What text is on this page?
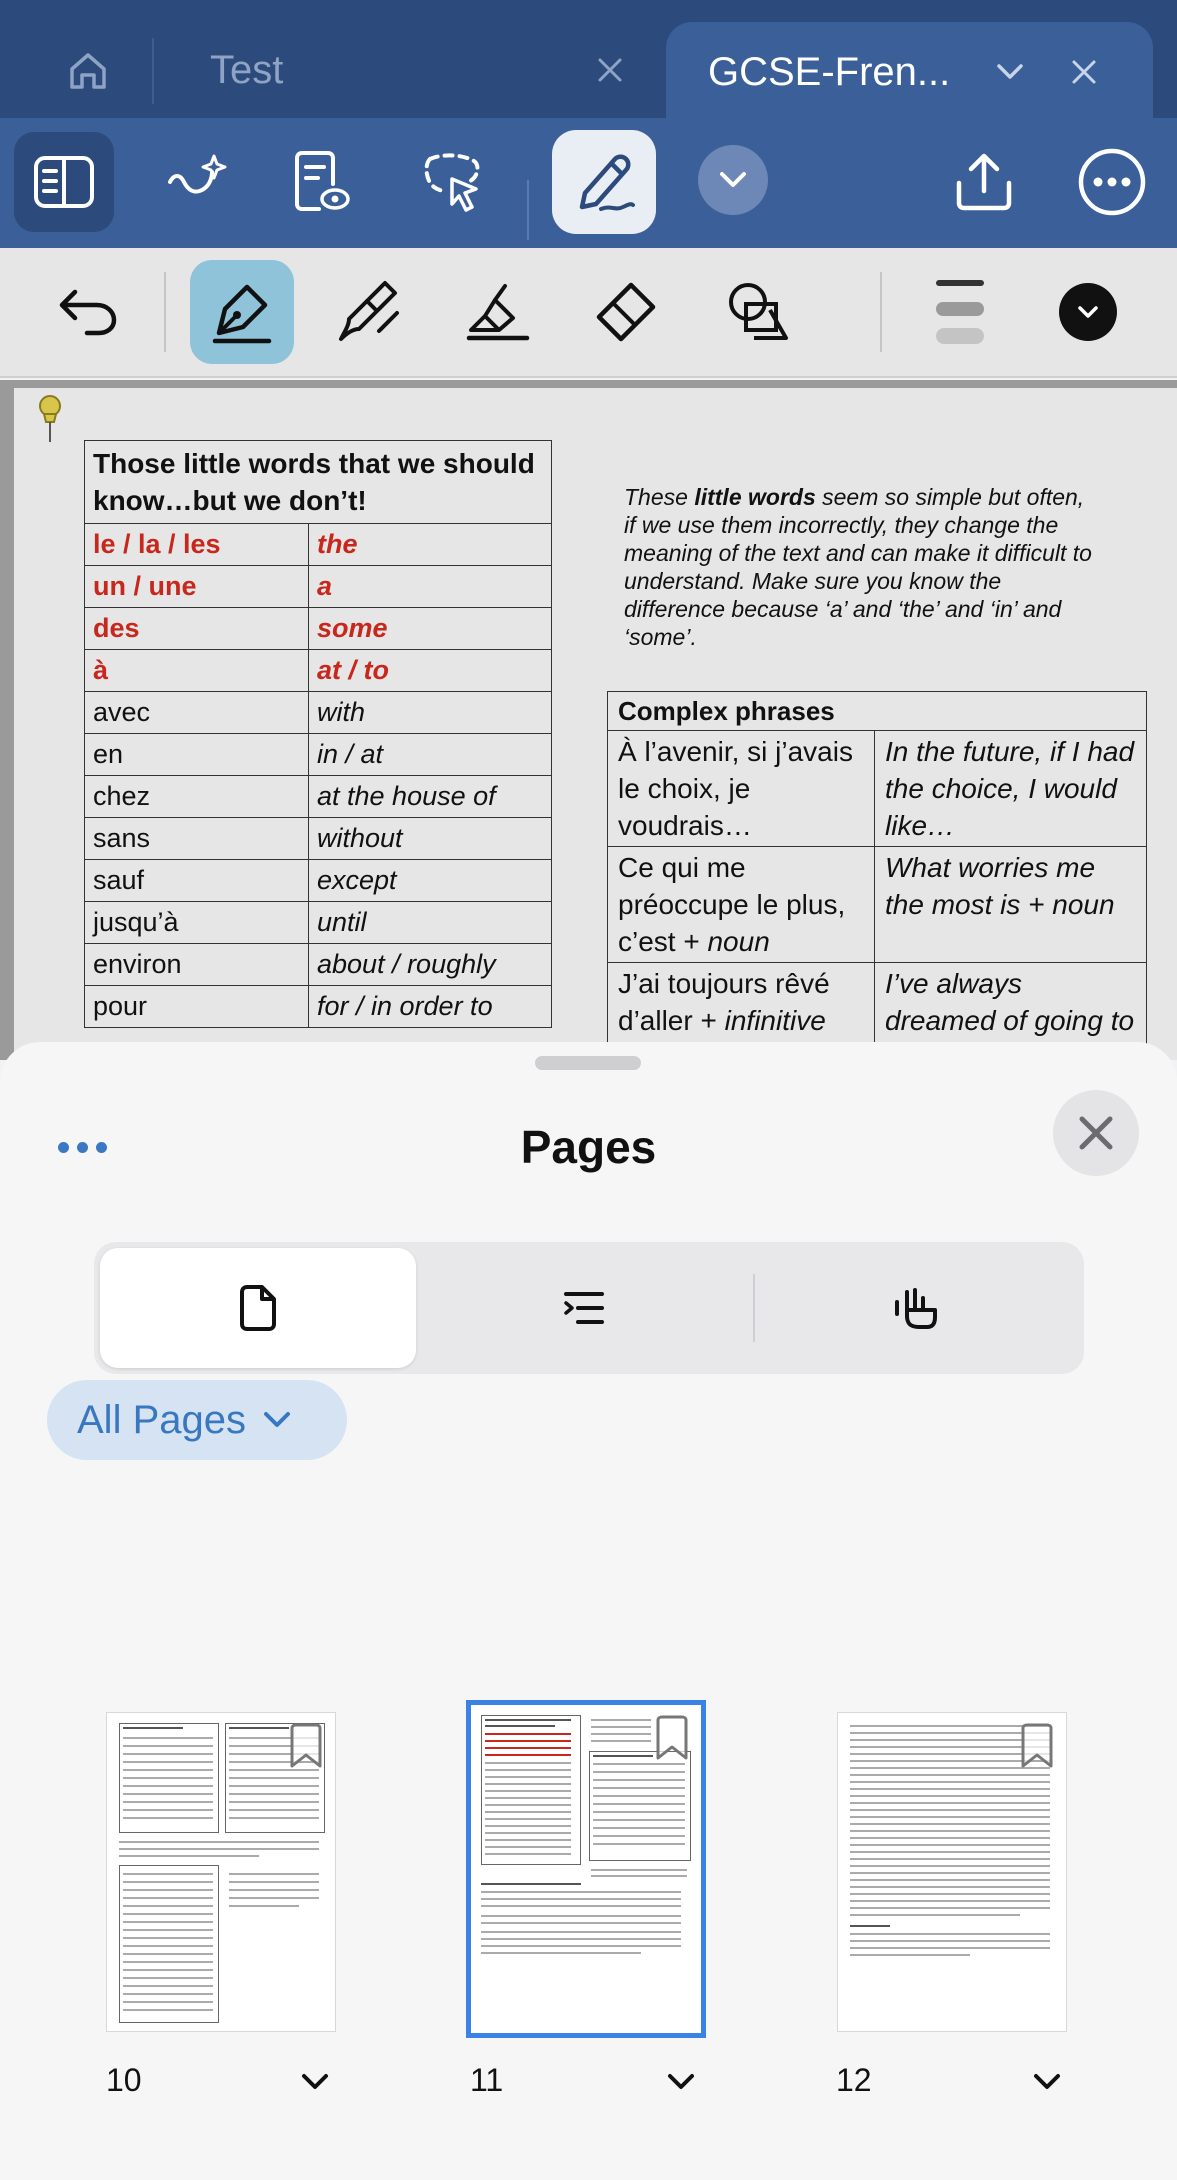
Test	GCSE-Fren...
Those little words that we should know…but we don’t!	
le / la / les	the
un / une	a
des	some
à	at / to
avec	with
en	in / at
chez	at the house of
sans	without
sauf	except
jusqu’à	until
environ	about / roughly
pour	for / in order to
These little words seem so simple but often, if we use them incorrectly, they change the meaning of the text and can make it difficult to understand. Make sure you know the difference because ‘a’ and ‘the’ and ‘in’ and ‘some’.
Complex phrases	
À l’avenir, si j’avais le choix, je voudrais…	In the future, if I had the choice, I would like…
Ce qui me préoccupe le plus, c’est + noun	What worries me the most is + noun
J’ai toujours rêvé d’aller + infinitive	I’ve always dreamed of going to
Pages
All Pages
10	11	12
